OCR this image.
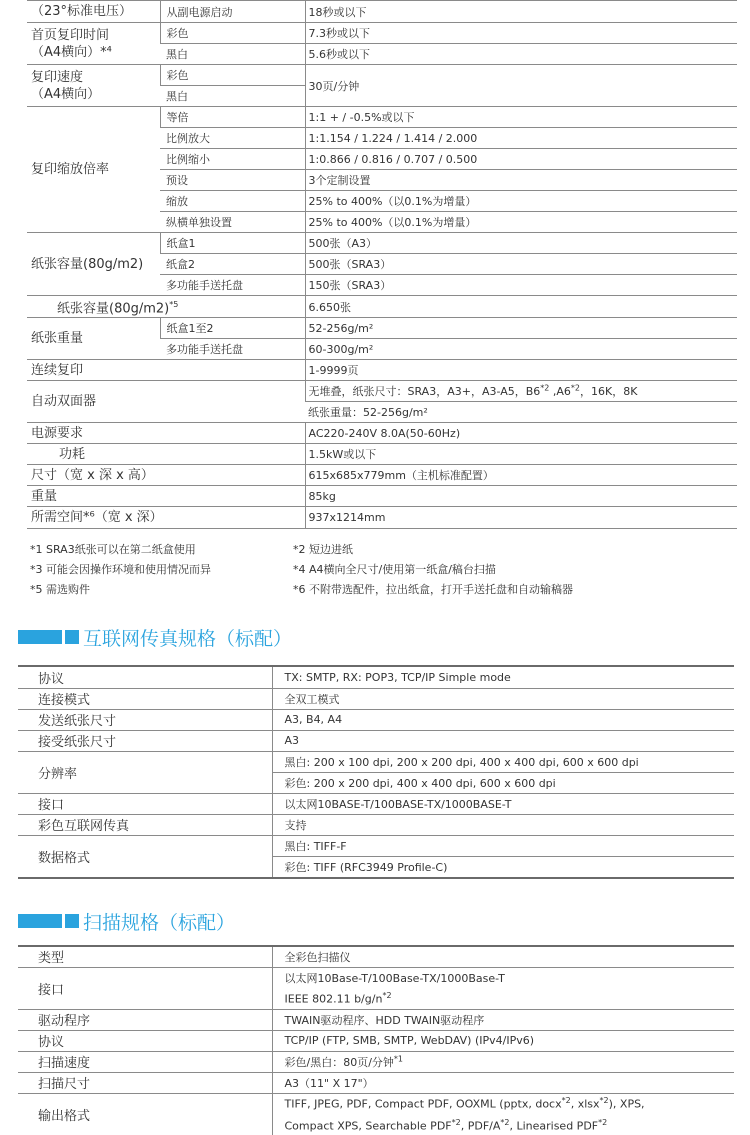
（23°标准电压）	从副电源启动	18秒或以下

首页复印时间
（A4横向）*⁴	彩色	7.3秒或以下
	黑白	5.6秒或以下

复印速度
（A4横向）	彩色	30页/分钟
	黑白	
复印缩放倍率	等倍	1:1 + / -0.5%或以下
	比例放大	1:1.154 / 1.224 / 1.414 / 2.000
	比例缩小	1:0.866 / 0.816 / 0.707 / 0.500
	预设	3个定制设置
	缩放	25% to 400%（以0.1%为增量）
	纵横单独设置	25% to 400%（以0.1%为增量）
纸张容量(80g/m2)	纸盒1	500张（A3）
	纸盒2	500张（SRA3）
	多功能手送托盘	150张（SRA3）
纸张容量$(80g/m2)^{*5}$		6.650张
纸张重量	纸盒1至2	52-256g/m²
	多功能手送托盘	60-300g/m²
连续复印		1-9999页
自动双面器		无堆叠，纸张尺寸：SRA3，A3+，A3-A5，B6$^{*2}$ ,A6$^{*2}$，16K，8K
		纸张重量：52-256g/m²
电源要求		AC220-240V 8.0A(50-60Hz)
功耗		1.5kW或以下
尺寸（宽 x 深 x 高）		615x685x779mm（主机标准配置）
重量		85kg
所需空间*⁶（宽 x 深）		937x1214mm
*1 SRA3纸张可以在第二纸盒使用	*2 短边进纸
*3 可能会因操作环境和使用情况而异	*4 A4横向全尺寸/使用第一纸盒/稿台扫描
*5 需选购件	*6 不附带选配件，拉出纸盒，打开手送托盘和自动输稿器
互联网传真规格（标配）
协议	TX: SMTP, RX: POP3, TCP/IP Simple mode
连接模式	全双工模式
发送纸张尺寸	A3, B4, A4
接受纸张尺寸	A3
分辨率	黑白: 200 x 100 dpi, 200 x 200 dpi, 400 x 400 dpi, 600 x 600 dpi
	彩色: 200 x 200 dpi, 400 x 400 dpi, 600 x 600 dpi
接口	以太网10BASE-T/100BASE-TX/1000BASE-T
彩色互联网传真	支持
数据格式	黑白: TIFF-F
	彩色: TIFF (RFC3949 Profile-C)
扫描规格（标配）
类型	全彩色扫描仪
接口	以太网10Base-T/100Base-TX/1000Base-T
	IEEE 802.11 $b/g/n^{*2}$
驱动程序	TWAIN驱动程序、HDD TWAIN驱动程序
协议	TCP/IP (FTP, SMB, SMTP, WebDAV) (IPv4/IPv6)
扫描速度	彩色/黑白：80页/分钟$^{*1}$
扫描尺寸	A3（11" X 17"）
输出格式	TIFF, JPEG, PDF, Compact PDF, OOXML (pptx, docx$^{*2}$, xlsx$^{*2}$), XPS,
	Compact XPS, Searchable PDF$^{*2}$, PDF/$A^{*2}$, Linearised PDF$^{*2}$
